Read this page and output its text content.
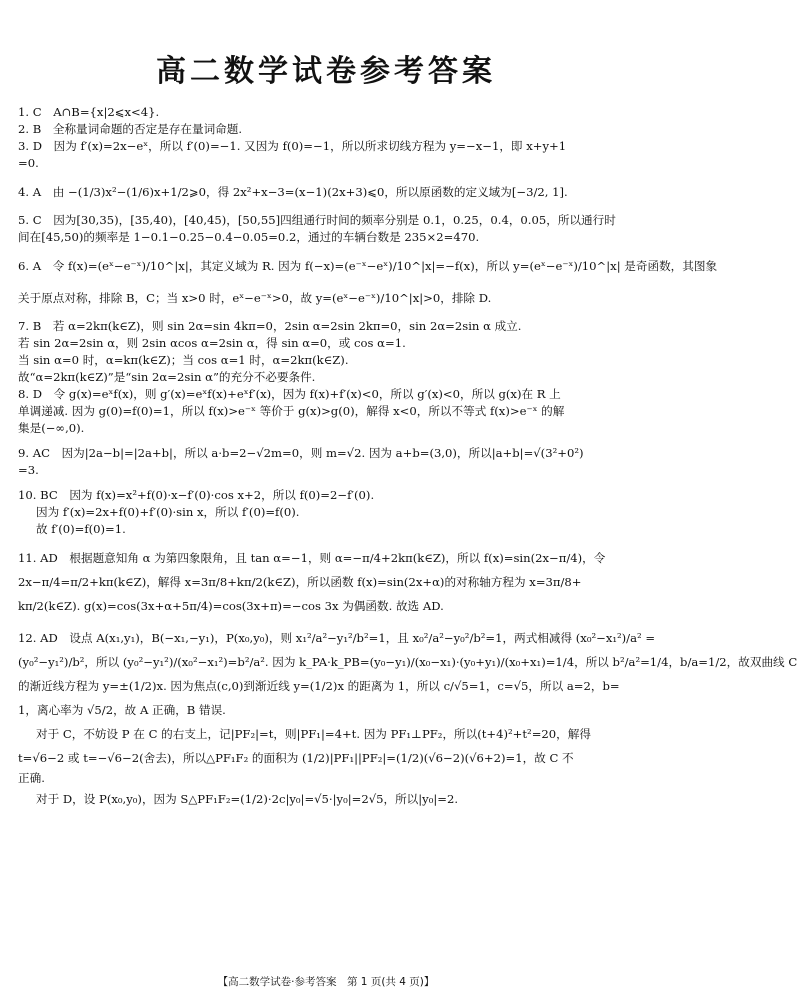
高二数学试卷参考答案
1. C　A∩B={x|2⩽x<4}.
2. B　全称量词命题的否定是存在量词命题.
3. D　因为 f′(x)=2x−eˣ，所以 f′(0)=−1. 又因为 f(0)=−1，所以所求切线方程为 y=−x−1，即 x+y+1
=0.
4. A　由 −(1/3)x²−(1/6)x+1/2⩾0，得 2x²+x−3=(x−1)(2x+3)⩽0，所以原函数的定义域为[−3/2, 1].
5. C　因为[30,35)，[35,40)，[40,45)，[50,55]四组通行时间的频率分别是 0.1，0.25，0.4，0.05，所以通行时
间在[45,50)的频率是 1−0.1−0.25−0.4−0.05=0.2，通过的车辆台数是 235×2=470.
6. A　令 f(x)=(eˣ−e⁻ˣ)/10^|x|，其定义域为 R. 因为 f(−x)=(e⁻ˣ−eˣ)/10^|x|=−f(x)，所以 y=(eˣ−e⁻ˣ)/10^|x| 是奇函数，其图象
关于原点对称，排除 B，C；当 x>0 时，eˣ−e⁻ˣ>0，故 y=(eˣ−e⁻ˣ)/10^|x|>0，排除 D.
7. B　若 α=2kπ(k∈Z)，则 sin 2α=sin 4kπ=0，2sin α=2sin 2kπ=0，sin 2α=2sin α 成立.
若 sin 2α=2sin α，则 2sin αcos α=2sin α，得 sin α=0，或 cos α=1.
当 sin α=0 时，α=kπ(k∈Z)；当 cos α=1 时，α=2kπ(k∈Z).
故“α=2kπ(k∈Z)”是“sin 2α=2sin α”的充分不必要条件.
8. D　令 g(x)=eˣf(x)，则 g′(x)=eˣf(x)+eˣf′(x)，因为 f(x)+f′(x)<0，所以 g′(x)<0，所以 g(x)在 R 上
单调递减. 因为 g(0)=f(0)=1，所以 f(x)>e⁻ˣ 等价于 g(x)>g(0)，解得 x<0，所以不等式 f(x)>e⁻ˣ 的解
集是(−∞,0).
9. AC　因为|2a−b|=|2a+b|，所以 a·b=2−√2m=0，则 m=√2. 因为 a+b=(3,0)，所以|a+b|=√(3²+0²)
=3.
10. BC　因为 f(x)=x²+f(0)·x−f′(0)·cos x+2，所以 f(0)=2−f′(0).
因为 f′(x)=2x+f(0)+f′(0)·sin x，所以 f′(0)=f(0).
故 f′(0)=f(0)=1.
11. AD　根据题意知角 α 为第四象限角，且 tan α=−1，则 α=−π/4+2kπ(k∈Z)，所以 f(x)=sin(2x−π/4)，令
2x−π/4=π/2+kπ(k∈Z)，解得 x=3π/8+kπ/2(k∈Z)，所以函数 f(x)=sin(2x+α)的对称轴方程为 x=3π/8+
kπ/2(k∈Z). g(x)=cos(3x+α+5π/4)=cos(3x+π)=−cos 3x 为偶函数. 故选 AD.
12. AD　设点 A(x₁,y₁)，B(−x₁,−y₁)，P(x₀,y₀)，则 x₁²/a²−y₁²/b²=1，且 x₀²/a²−y₀²/b²=1，两式相减得 (x₀²−x₁²)/a² =
(y₀²−y₁²)/b²，所以 (y₀²−y₁²)/(x₀²−x₁²)=b²/a². 因为 k_PA·k_PB=(y₀−y₁)/(x₀−x₁)·(y₀+y₁)/(x₀+x₁)=1/4，所以 b²/a²=1/4，b/a=1/2，故双曲线 C
的渐近线方程为 y=±(1/2)x. 因为焦点(c,0)到渐近线 y=(1/2)x 的距离为 1，所以 c/√5=1，c=√5，所以 a=2，b=
1，离心率为 √5/2，故 A 正确，B 错误.
对于 C，不妨设 P 在 C 的右支上，记|PF₂|=t，则|PF₁|=4+t. 因为 PF₁⊥PF₂，所以(t+4)²+t²=20，解得
t=√6−2 或 t=−√6−2(舍去)，所以△PF₁F₂ 的面积为 (1/2)|PF₁||PF₂|=(1/2)(√6−2)(√6+2)=1，故 C 不
正确.
对于 D，设 P(x₀,y₀)，因为 S△PF₁F₂=(1/2)·2c|y₀|=√5·|y₀|=2√5，所以|y₀|=2.
【高二数学试卷·参考答案　第 1 页(共 4 页)】
